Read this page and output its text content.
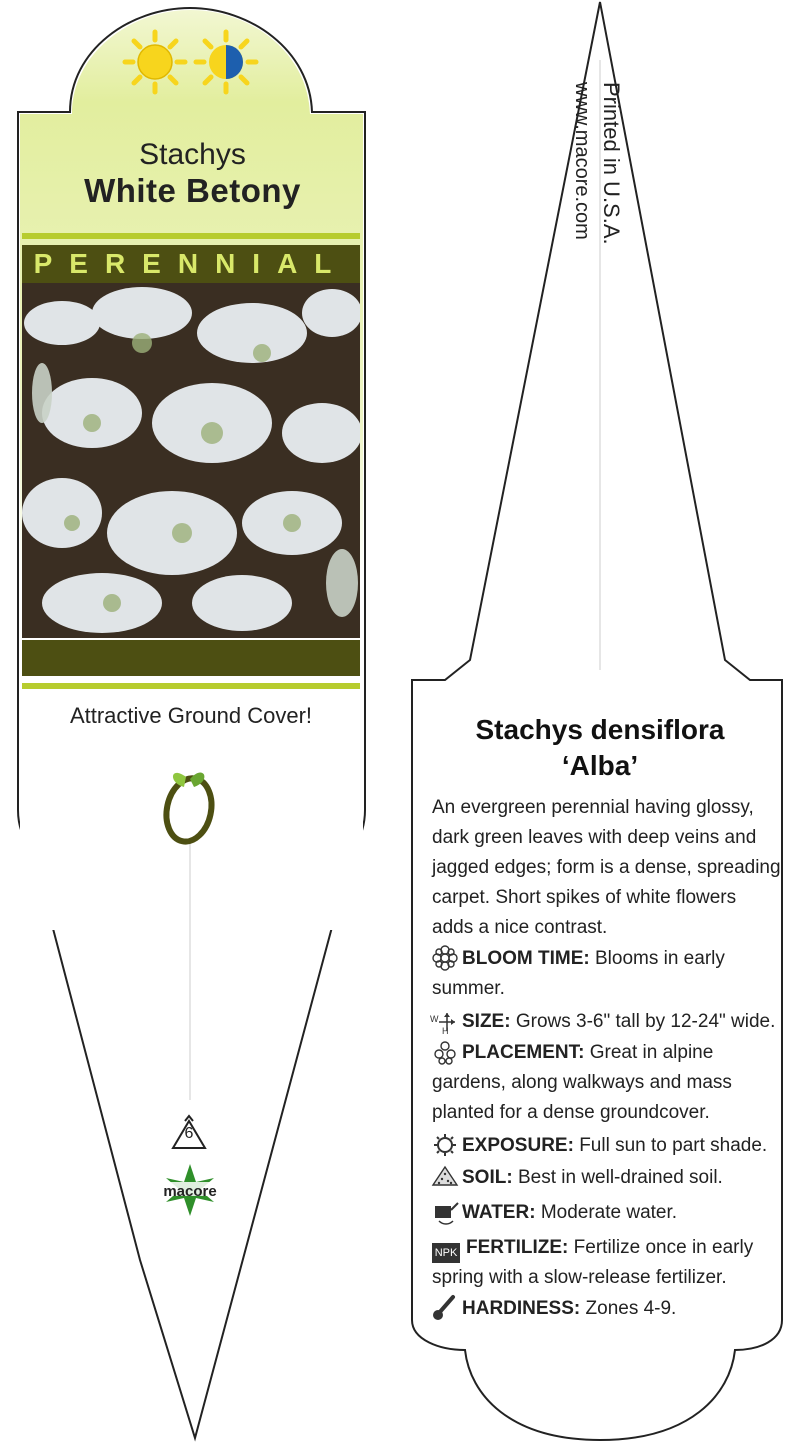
Stachys
White Betony
PERENNIAL
Attractive Ground Cover!
6
macore
Printed in U.S.A.
www.macore.com
Stachys densiflora
‘Alba’
An evergreen perennial having glossy, dark green leaves with deep veins and jagged edges; form is a dense, spreading carpet. Short spikes of white flowers adds a nice contrast.
BLOOM TIME: Blooms in early summer.
SIZE: Grows 3-6" tall by 12-24" wide.
PLACEMENT: Great in alpine gardens, along walkways and mass planted for a dense groundcover.
EXPOSURE: Full sun to part shade.
SOIL: Best in well-drained soil.
WATER: Moderate water.
NPK FERTILIZE: Fertilize once in early spring with a slow-release fertilizer.
HARDINESS: Zones 4-9.
W
H
